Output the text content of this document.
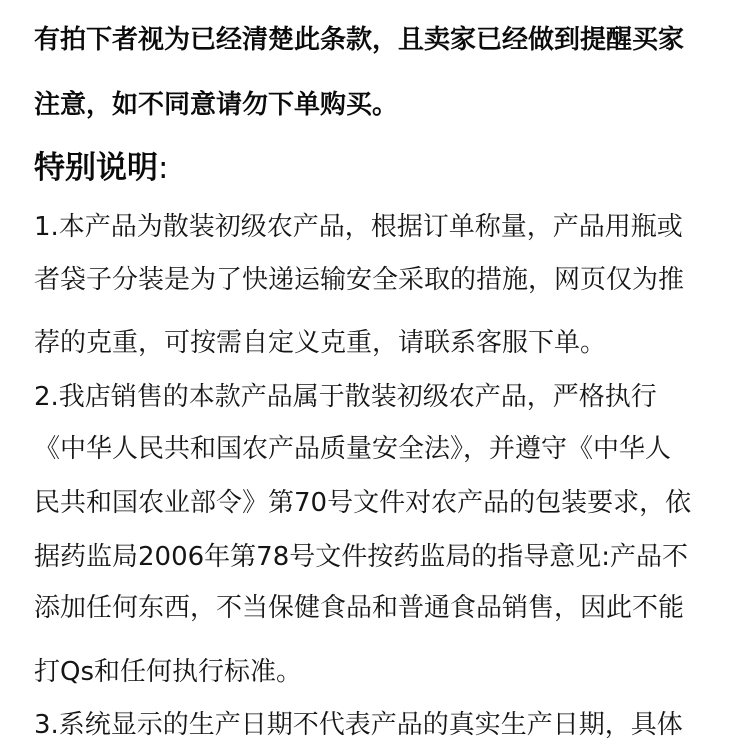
有拍下者视为已经清楚此条款，且卖家已经做到提醒买家
注意，如不同意请勿下单购买。
特别说明:
1.本产品为散装初级农产品，根据订单称量，产品用瓶或
者袋子分装是为了快递运输安全采取的措施，网页仅为推
荐的克重，可按需自定义克重，请联系客服下单。
2.我店销售的本款产品属于散装初级农产品，严格执行
《中华人民共和国农产品质量安全法》，并遵守《中华人
民共和国农业部令》第70号文件对农产品的包装要求，依
据药监局2006年第78号文件按药监局的指导意见:产品不
添加任何东西，不当保健食品和普通食品销售，因此不能
打Qs和任何执行标准。
3.系统显示的生产日期不代表产品的真实生产日期，具体
